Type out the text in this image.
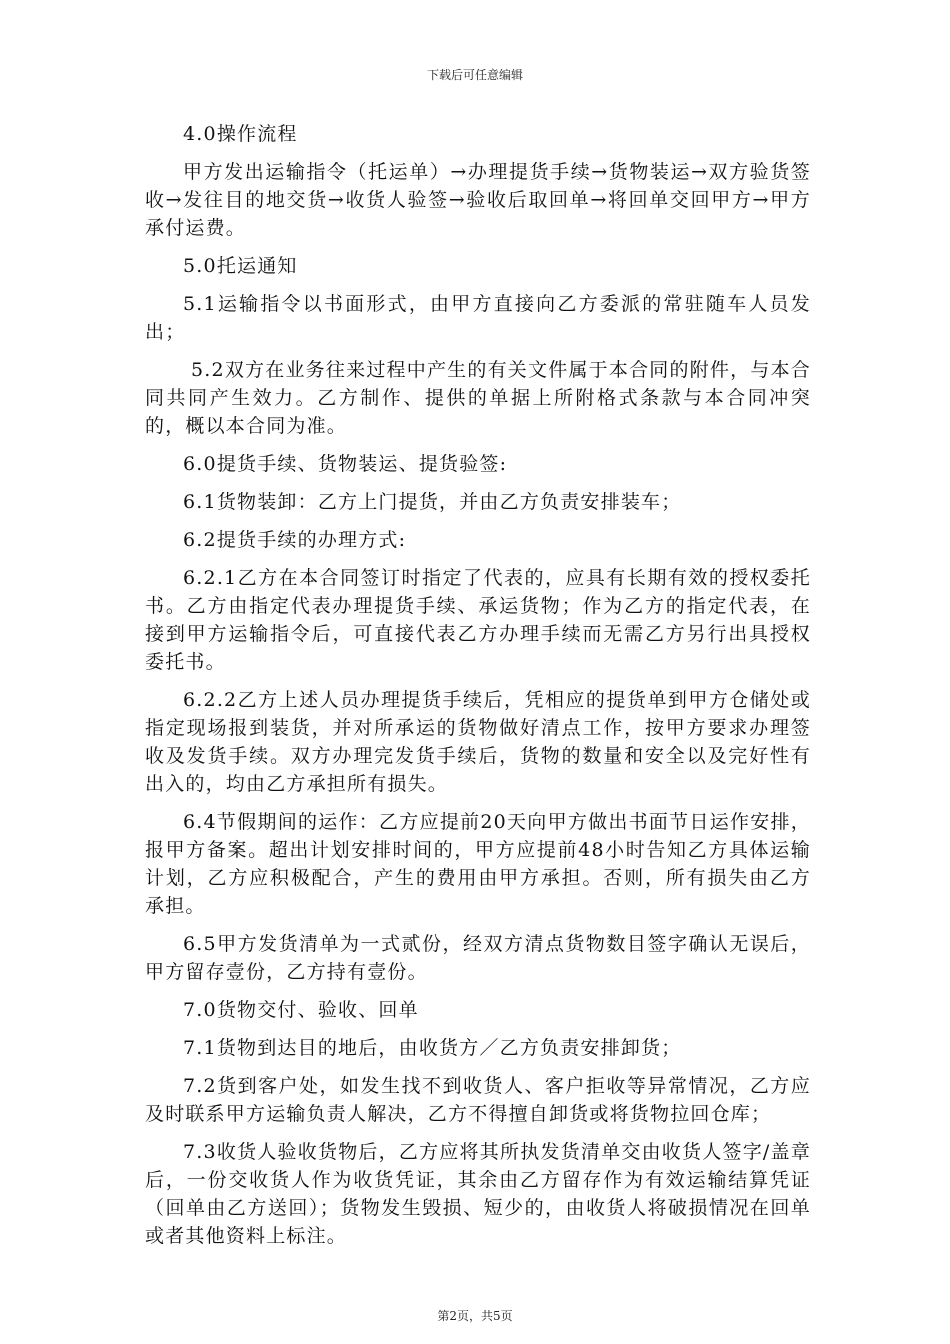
下载后可任意编辑

4.0操作流程

甲方发出运输指令（托运单）→办理提货手续→货物装运→双方验货签收→发往目的地交货→收货人验签→验收后取回单→将回单交回甲方→甲方承付运费。

5.0托运通知

5.1运输指令以书面形式，由甲方直接向乙方委派的常驻随车人员发出；

5.2双方在业务往来过程中产生的有关文件属于本合同的附件，与本合同共同产生效力。乙方制作、提供的单据上所附格式条款与本合同冲突的，概以本合同为准。

6.0提货手续、货物装运、提货验签:

6.1货物装卸：乙方上门提货，并由乙方负责安排装车；

6.2提货手续的办理方式:

6.2.1乙方在本合同签订时指定了代表的，应具有长期有效的授权委托书。乙方由指定代表办理提货手续、承运货物；作为乙方的指定代表，在接到甲方运输指令后，可直接代表乙方办理手续而无需乙方另行出具授权委托书。

6.2.2乙方上述人员办理提货手续后，凭相应的提货单到甲方仓储处或指定现场报到装货，并对所承运的货物做好清点工作，按甲方要求办理签收及发货手续。双方办理完发货手续后，货物的数量和安全以及完好性有出入的，均由乙方承担所有损失。

6.4节假期间的运作：乙方应提前20天向甲方做出书面节日运作安排，报甲方备案。超出计划安排时间的，甲方应提前48小时告知乙方具体运输计划，乙方应积极配合，产生的费用由甲方承担。否则，所有损失由乙方承担。

6.5甲方发货清单为一式贰份，经双方清点货物数目签字确认无误后，甲方留存壹份，乙方持有壹份。

7.0货物交付、验收、回单

7.1货物到达目的地后，由收货方／乙方负责安排卸货；

7.2货到客户处，如发生找不到收货人、客户拒收等异常情况，乙方应及时联系甲方运输负责人解决，乙方不得擅自卸货或将货物拉回仓库；

7.3收货人验收货物后，乙方应将其所执发货清单交由收货人签字/盖章后，一份交收货人作为收货凭证，其余由乙方留存作为有效运输结算凭证（回单由乙方送回）；货物发生毁损、短少的，由收货人将破损情况在回单或者其他资料上标注。

第2页，共5页
